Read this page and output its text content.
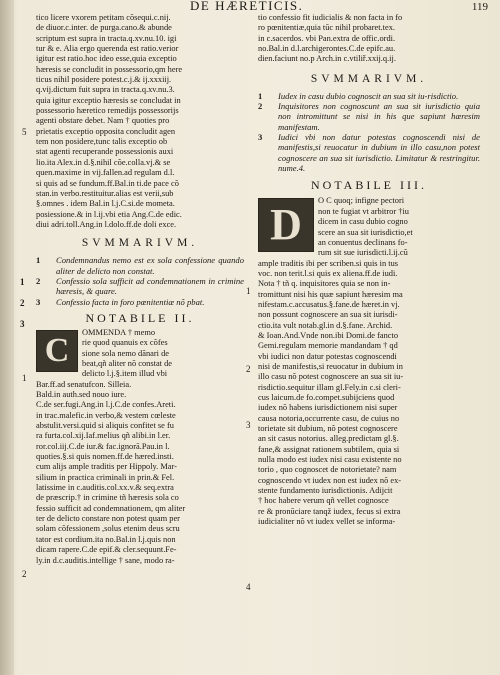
DE HÆRETICIS.	119
5
1
2
3
1
2
1
2
3
4
tico licere vxorem petitam cõsequi.c.nij.
de diuor.c.inter. de purga.cano.& abunde
scriptum est supra in tracta.q.xv.nu.10. igi
tur & e. Alia ergo querenda est ratio.verior
igitur est ratio.hoc ideo esse,quia exceptio
hæresis se concludit in possessorio,qm here
ticus nihil posidere potest.c.j.& ij.xxxiij.
q.vij.dictum fuit supra in tracta.q.xv.nu.3.
quia igitur exceptio hæresis se concludat in
possessorio hæretico remedijs possessorijs
agenti obstare debet. Nam † quoties pro
prietatis exceptio opposita concludit agen
tem non posidere,tunc talis exceptio ob
stat agenti recuperande possessionis auxi
lio.ita Alex.in d.§.nihil cõe.colla.vj.& se
quen.maxime in vij.fallen.ad regulam d.l.
si quis ad se fundum.ff.Bal.in ti.de pace cõ
stan.in verbo.restituitur.alias est verii,sub
§.omnes . idem Bal.in l.j.C.si.de mometa.
posiessione.& in l.ij.vbi etia Ang.C.de edic.
diui adri.toll.Ang.in l.dolo.ff.de doli exce.
SVMMARIVM.
1 Condemnandus nemo est ex sola confessione quando aliter de delicto non constat.
2 Confessio sola sufficit ad condemnationem in crimine hæresis, & quare.
3 Confessio facta in foro pœnitentiæ nõ pbat.
NOTABILE II.
C	OMMENDA † memo
rie quod quanuis ex cõfes
sione sola nemo dãnari de
beat,qñ aliter nõ constat de
delicto l.j.§.item illud vbi
Bar.ff.ad senatufcon. Silleia.
Bald.in auth.sed nouo iure.
C.de ser.fugi.Ang.in l.j.C.de confes.Areti.
in trac.malefic.in verbo,& vestem cœleste
abstulit.versi.quid si aliquis confitet se fu
ra furta.col.xij.Iaf.melius qñ alibi.in l.er.
ror.col.iij.C.de iur.& fac.ignorā.Pau.in l.
quoties.§.si quis nomen.ff.de hæred.insti.
cum alijs ample traditis per Hippoly. Mar-
silium in practica criminali in prin.& Fel.
latissime in c.auditis.col.xx.v.& seq.extra
de præscrip.† in crimine tñ hæresis sola co
fessio sufficit ad condemnationem, qm aliter
ter de delicto constare non potest quam per
solam cõfessionem ,solus etenim deus scru
tator est cordium.ita no.Bal.in l.j.quis non
dicam rapere.C.de epif.& cler.sequunt.Fe-
ly.in d.c.auditis.intellige † sane, modo ra-
tio confessio fit iudicialis & non facta in fo
ro pœnitentiæ,quia tūc nihil probaret.tex.
in c.sacerdos. vbi Pan.extra de offic.ordi.
no.Bal.in d.l.archigerontes.C.de epifc.au.
dien.faciunt no.p Arch.in c.vtiliř.xxij.q.ij.
SVMMARIVM.
1 Iudex in casu dubio cognoscit an sua sit iu-risdictio.
2 Inquisitores non cognoscunt an sua sit iurisdictio quia non intromittunt se nisi in his que sapiunt hæresim manifestam.
3 Iudici vbi non datur potestas cognoscendi nisi de manifestis,si reuocatur in dubium in illo casu,non potest cognoscere an sua sit iurisdictio. Limitatur & restringitur. nume.4.
NOTABILE III.
D	O C quoq; infigne pectori
non te fugiat vt arbitror †iu
dicem in casu dubio cogno
scere an sua sit iurisdictio,et
an conuentus declinans fo-
rum sit sue iurisdicti.l.ij.cũ
ample traditis ibi per scriben.si quis in tus
voc. non terit.l.si quis ex aliena.ff.de iudi.
Nota † tñ q. inquisitores quia se non in-
tromittunt nisi his quæ sapiunt hæresim ma
nifestam.c.accusatus.§.fane.de hæret.in vj.
non possunt cognoscere an sua sit iurisdi-
ctio.ita vult notab.gl.in d.§.fane. Archid.
& Ioan.And.Vnde non.ibi Domi.de fancto
Gemi.regulam memorie mandandam † qd
vbi iudici non datur potestas cognoscendi
nisi de manifestis,si reuocatur in dubium in
illo casu nõ potest cognoscere an sua sit iu-
risdictio.sequitur illam gl.Fely.in c.si cleri-
cus laicum.de fo.compet.subijciens quod
iudex nõ habens iurisdictionem nisi super
causa notoria,occurrente casu, de cuius no
torietate sit dubium, nõ potest cognoscere
an sit casus notorius. alleg.predictam gl.§.
fane,& assignat rationem subtilem, quia si
nulla modo est iudex nisi casu existente no
torio , quo cognoscet de notorietate? nam
cognoscendo vt iudex non est iudex nõ ex-
stente fundamento iurisdictionis. Adijcit
† hoc habere verum qñ vellet cognosce
re & pronūciare tanqž iudex, fecus si extra
iudicialiter nõ vt iudex vellet se informa-
